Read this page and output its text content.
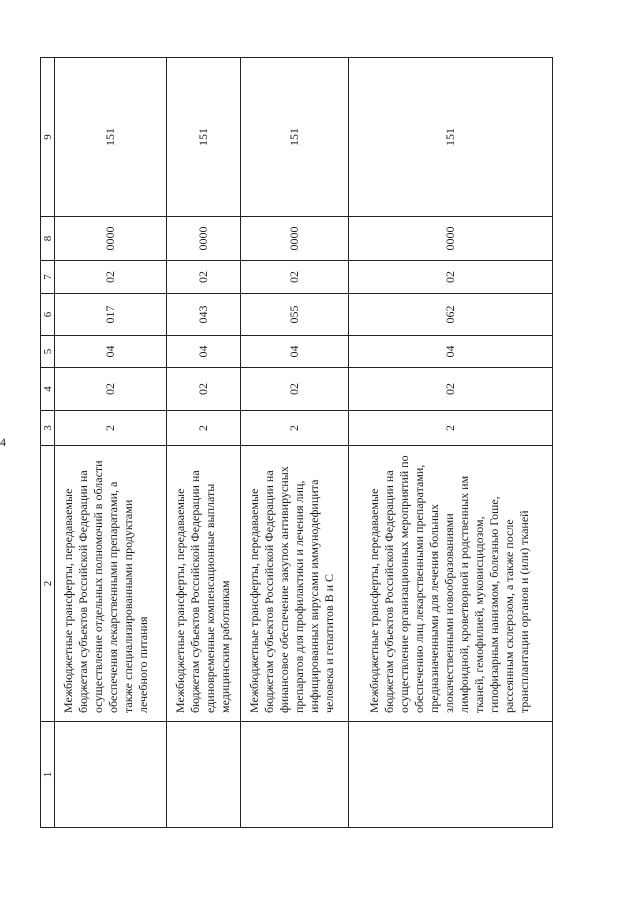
4
1	2	3	4	5	6	7	8	9
	Межбюджетные трансферты, передаваемые бюджетам субъектов Российской Федерации на осуществление отдельных полномочий в области обеспечения лекарственными препаратами, а также специализированными продуктами лечебного питания	2	02	04	017	02	0000	151
	Межбюджетные трансферты, передаваемые бюджетам субъектов Российской Федерации на единовременные компенсационные выплаты медицинским работникам	2	02	04	043	02	0000	151
	Межбюджетные трансферты, передаваемые бюджетам субъектов Российской Федерации на финансовое обеспечение закупок антивирусных препаратов для профилактики и лечения лиц, инфицированных вирусами иммунодефицита человека и гепатитов B и C	2	02	04	055	02	0000	151
	Межбюджетные трансферты, передаваемые бюджетам субъектов Российской Федерации на осуществление организационных мероприятий по обеспечению лиц лекарственными препаратами, предназначенными для лечения больных злокачественными новообразованиями лимфоидной, кроветворной и родственных им тканей, гемофилией, муковисцидозом, гипофизарным нанизмом, болезнью Гоше, рассеянным склерозом, а также после трансплантации органов и (или) тканей	2	02	04	062	02	0000	151
